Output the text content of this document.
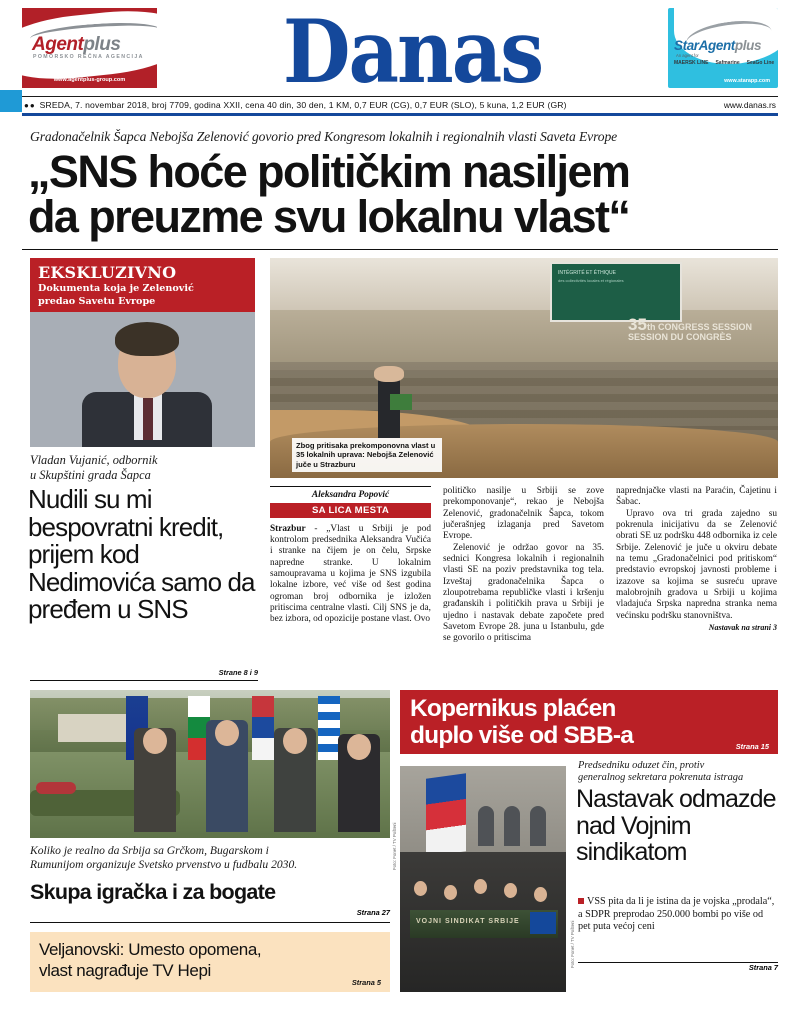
Agentplus
POMORSKO REČNA AGENCIJA
www.agentplus-group.com	Danas	StarAgentplus
An agent for
MAERSK LINE Safmarine SeaGo Line
www.starapp.com
●● SREDA, 7. novembar 2018, broj 7709, godina XXII, cena 40 din, 30 den, 1 KM, 0,7 EUR (CG), 0,7 EUR (SLO), 5 kuna, 1,2 EUR (GR)	www.danas.rs
Gradonačelnik Šapca Nebojša Zelenović govorio pred Kongresom lokalnih i regionalnih vlasti Saveta Evrope
„SNS hoće političkim nasiljem
da preuzme svu lokalnu vlast“
EKSKLUZIVNO
Dokumenta koja je Zelenović
predao Savetu Evrope
Vladan Vujanić, odbornik
u Skupštini grada Šapca
Nudili su mi bespovratni kredit, prijem kod Nedimovića samo da pređem u SNS
Strane 8 i 9
INTÉGRITÉ ET ÉTHIQUE
des collectivités locales et régionales
35th CONGRESS SESSION
SESSION DU CONGRÈS
Zbog pritisaka prekomponovna vlast u 35 lokalnih uprava: Nebojša Zelenović juče u Strazburu
Aleksandra Popović
SA LICA MESTA
Strazbur - „Vlast u Srbiji je pod kontrolom predsednika Aleksandra Vučića i stranke na čijem je on čelu, Srpske napredne stranke. U lokalnim samoupravama u kojima je SNS izgubila lokalne izbore, već više od šest godina ogroman broj odbornika je izložen pritiscima centralne vlasti. Cilj SNS je da, bez izbora, od opozicije postane vlast. Ovo
političko nasilje u Srbiji se zove prekomponovanje“, rekao je Nebojša Zelenović, gradonačelnik Šapca, tokom jučerašnjeg izlaganja pred Savetom Evrope.
Zelenović je održao govor na 35. sednici Kongresa lokalnih i regionalnih vlasti SE na poziv predstavnika tog tela. Izveštaj gradonačelnika Šapca o zloupotrebama republičke vlasti i kršenju građanskih i političkih prava u Srbiji je ujedno i nastavak debate započete pred Savetom Evrope 28. juna u Istanbulu, gde se govorilo o pritiscima
naprednjačke vlasti na Paraćin, Čajetinu i Šabac.
Upravo ova tri grada zajedno su pokrenula inicijativu da se Zelenović obrati SE uz podršku 448 odbornika iz cele Srbije. Zelenović je juče u okviru debate na temu „Gradonačelnici pod pritiskom“ predstavio evropskoj javnosti probleme i izazove sa kojima se susreću uprave malobrojnih gradova u Srbiji u kojima vladajuća Srpska napredna stranka nema većinsku podršku stanovništva.
Nastavak na strani 3
Koliko je realno da Srbija sa Grčkom, Bugarskom i
Rumunijom organizuje Svetsko prvenstvo u fudbalu 2030.
Skupa igračka i za bogate
Strana 27
Veljanovski: Umesto opomena,
vlast nagrađuje TV Hepi
Strana 5
Kopernikus plaćen
duplo više od SBB-a	Strana 15
VOJNI SINDIKAT SRBIJE
Foto: Fonet / TV Pošteni
Predsedniku oduzet čin, protiv
generalnog sekretara pokrenuta istraga
Nastavak odmazde nad Vojnim sindikatom
VSS pita da li je istina da je vojska „prodala“, a SDPR preprodao 250.000 bombi po više od pet puta većoj ceni
Strana 7
Foto: Fonet / TV Pošteni
